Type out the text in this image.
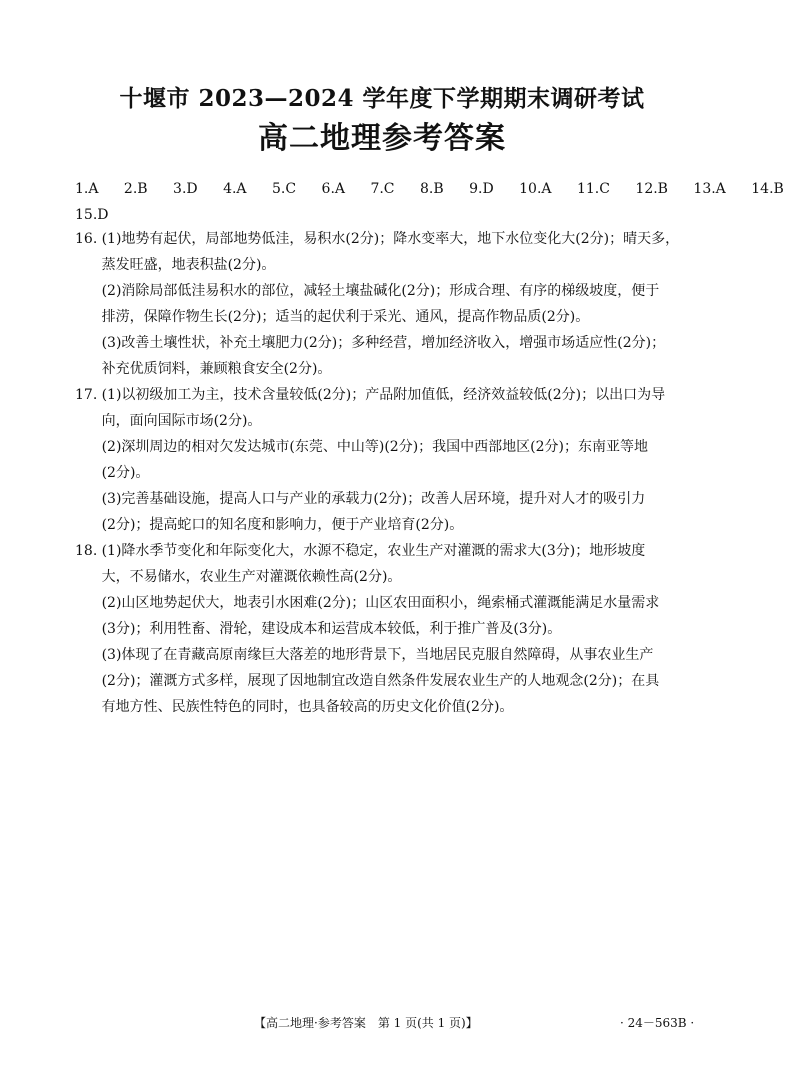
十堰市 2023—2024 学年度下学期期末调研考试
高二地理参考答案
1.A 2.B 3.D 4.A 5.C 6.A 7.C 8.B 9.D 10.A 11.C 12.B 13.A 14.B
15.D

16. (1)地势有起伏，局部地势低洼，易积水(2分)；降水变率大，地下水位变化大(2分)；晴天多，

蒸发旺盛，地表积盐(2分)。

(2)消除局部低洼易积水的部位，减轻土壤盐碱化(2分)；形成合理、有序的梯级坡度，便于

排涝，保障作物生长(2分)；适当的起伏利于采光、通风，提高作物品质(2分)。

(3)改善土壤性状，补充土壤肥力(2分)；多种经营，增加经济收入，增强市场适应性(2分)；

补充优质饲料，兼顾粮食安全(2分)。

17. (1)以初级加工为主，技术含量较低(2分)；产品附加值低，经济效益较低(2分)；以出口为导

向，面向国际市场(2分)。

(2)深圳周边的相对欠发达城市(东莞、中山等)(2分)；我国中西部地区(2分)；东南亚等地

(2分)。

(3)完善基础设施，提高人口与产业的承载力(2分)；改善人居环境，提升对人才的吸引力

(2分)；提高蛇口的知名度和影响力，便于产业培育(2分)。

18. (1)降水季节变化和年际变化大，水源不稳定，农业生产对灌溉的需求大(3分)；地形坡度

大，不易储水，农业生产对灌溉依赖性高(2分)。

(2)山区地势起伏大，地表引水困难(2分)；山区农田面积小，绳索桶式灌溉能满足水量需求

(3分)；利用牲畜、滑轮，建设成本和运营成本较低，利于推广普及(3分)。

(3)体现了在青藏高原南缘巨大落差的地形背景下，当地居民克服自然障碍，从事农业生产

(2分)；灌溉方式多样，展现了因地制宜改造自然条件发展农业生产的人地观念(2分)；在具

有地方性、民族性特色的同时，也具备较高的历史文化价值(2分)。

【高二地理·参考答案　第 1 页(共 1 页)】	· 24－563B ·
